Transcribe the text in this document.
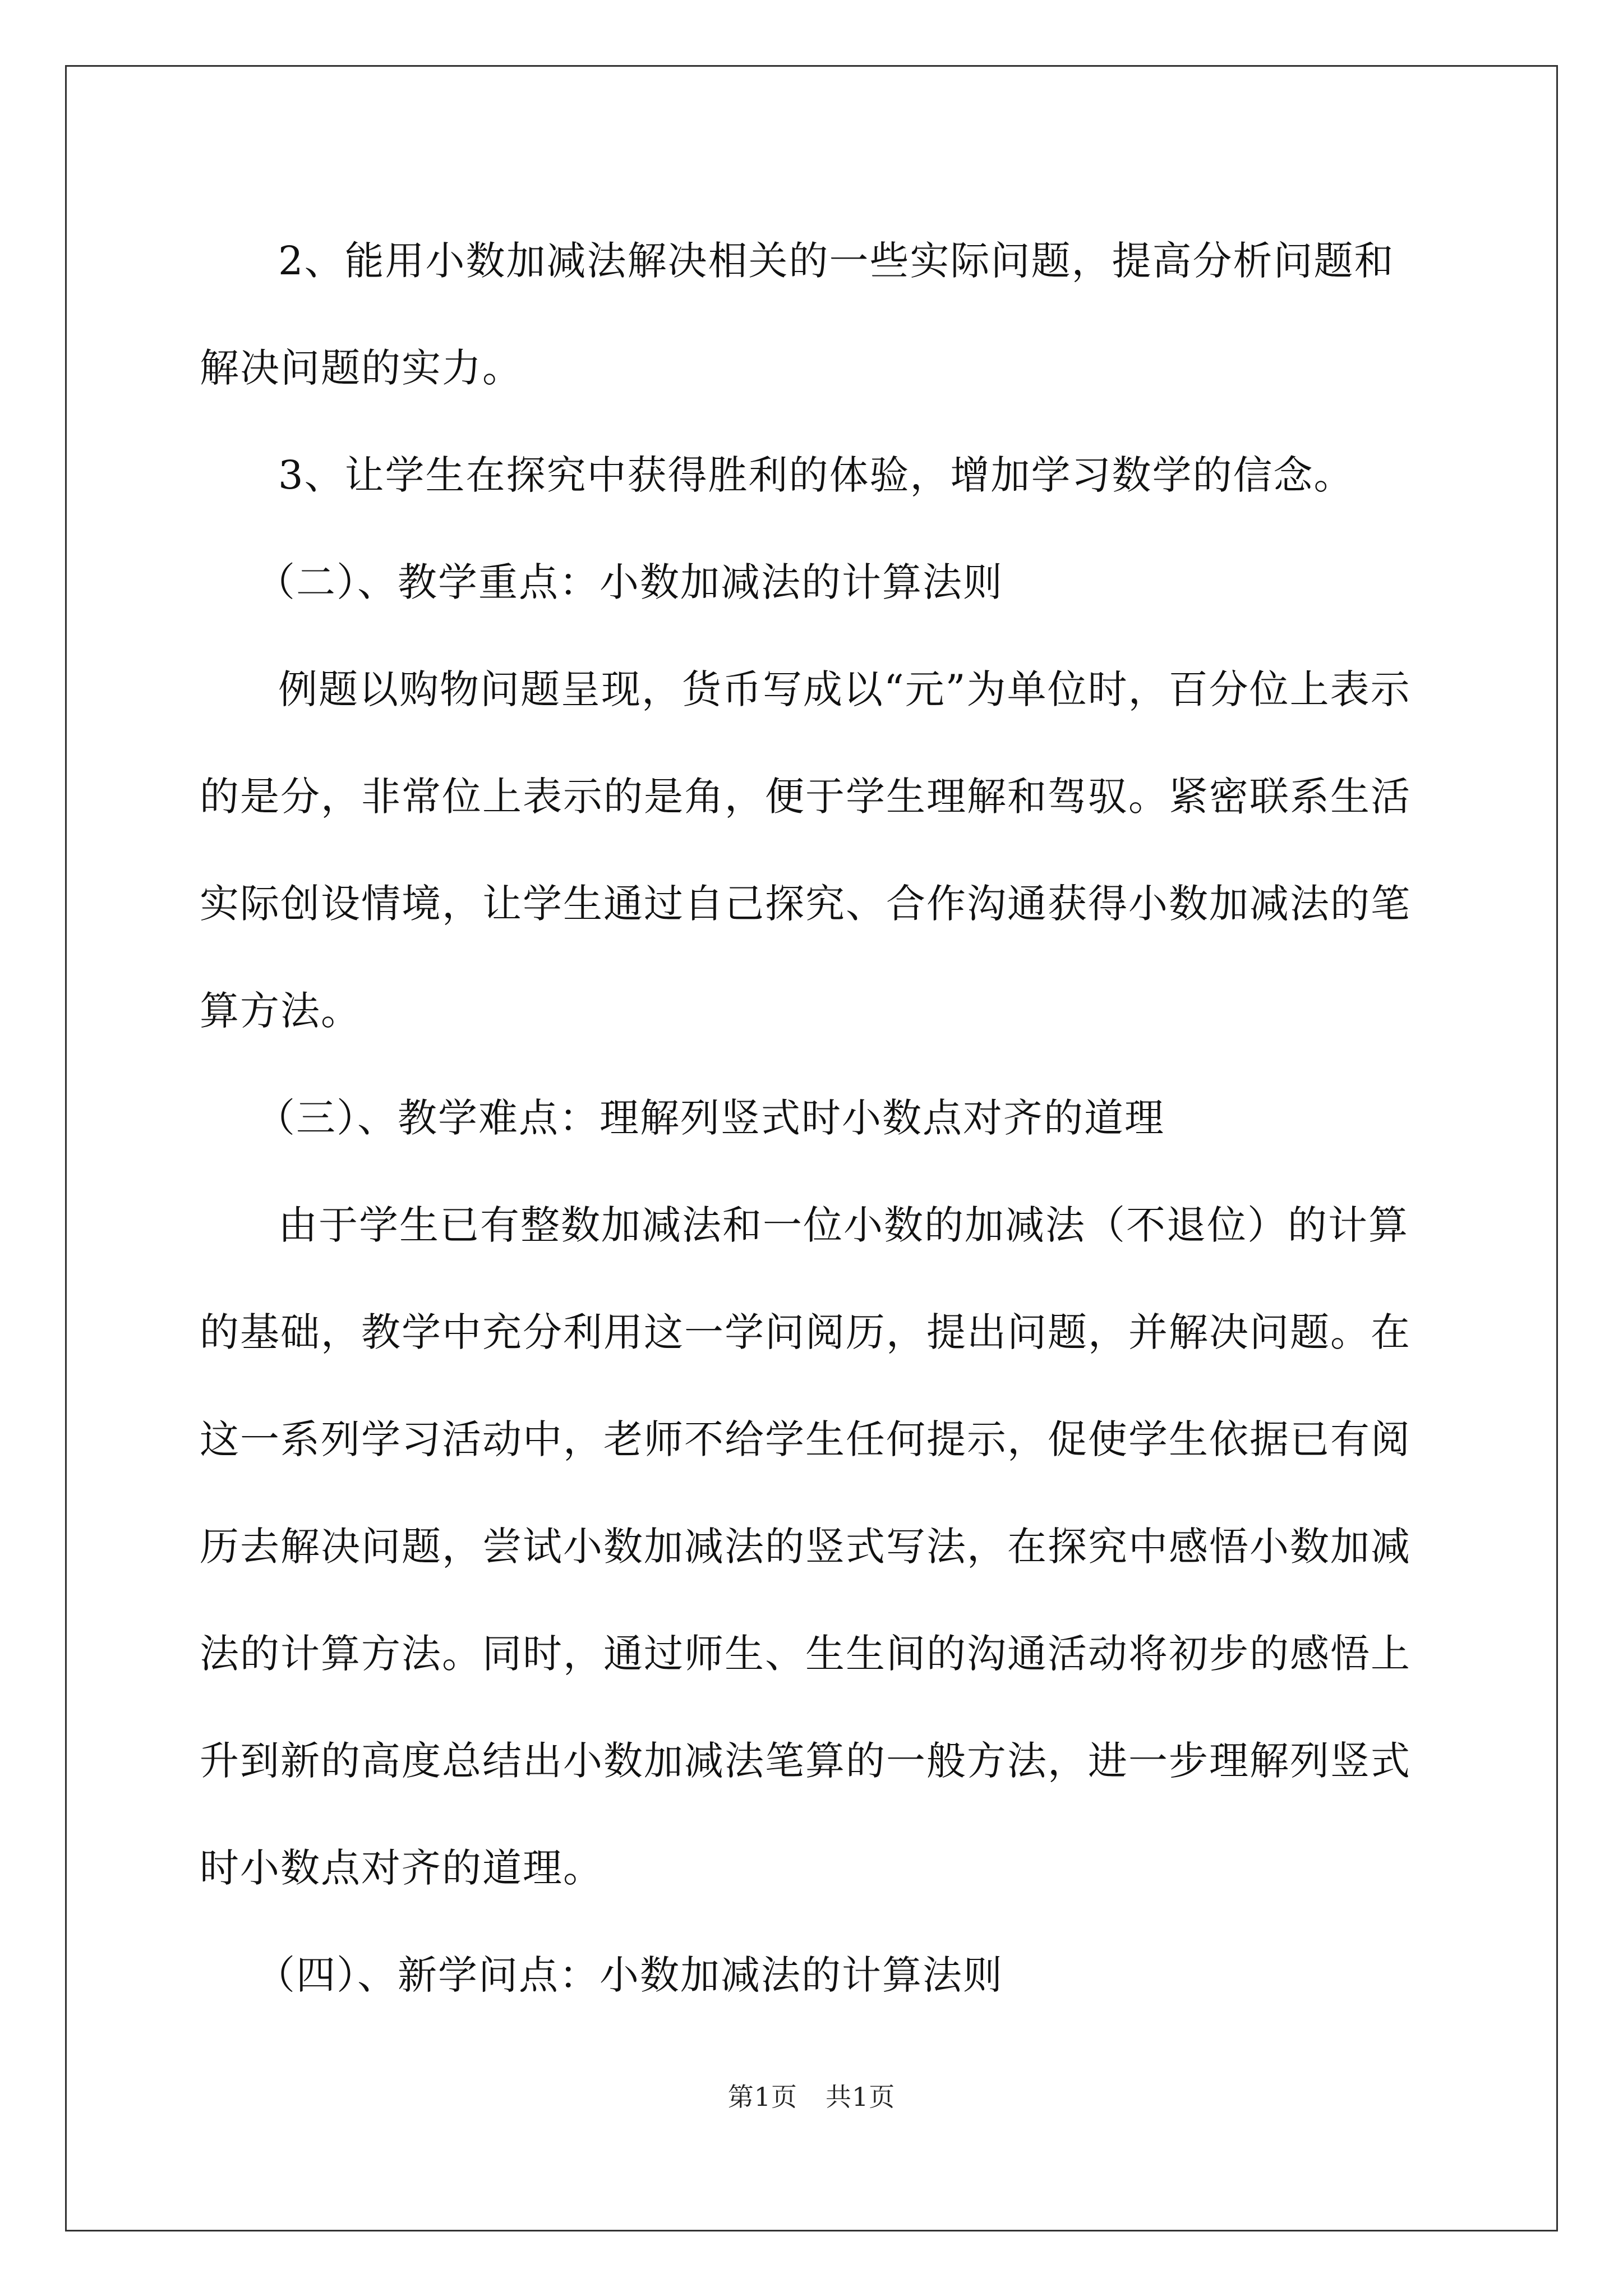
2、能用小数加减法解决相关的一些实际问题，提高分析问题和解决问题的实力。

3、让学生在探究中获得胜利的体验，增加学习数学的信念。

（二）、教学重点：小数加减法的计算法则

例题以购物问题呈现，货币写成以“元”为单位时，百分位上表示的是分，非常位上表示的是角，便于学生理解和驾驭。紧密联系生活实际创设情境，让学生通过自己探究、合作沟通获得小数加减法的笔算方法。

（三）、教学难点：理解列竖式时小数点对齐的道理

由于学生已有整数加减法和一位小数的加减法（不退位）的计算的基础，教学中充分利用这一学问阅历，提出问题，并解决问题。在这一系列学习活动中，老师不给学生任何提示，促使学生依据已有阅历去解决问题，尝试小数加减法的竖式写法，在探究中感悟小数加减法的计算方法。同时，通过师生、生生间的沟通活动将初步的感悟上升到新的高度总结出小数加减法笔算的一般方法，进一步理解列竖式时小数点对齐的道理。

（四）、新学问点：小数加减法的计算法则

第1页 共1页
